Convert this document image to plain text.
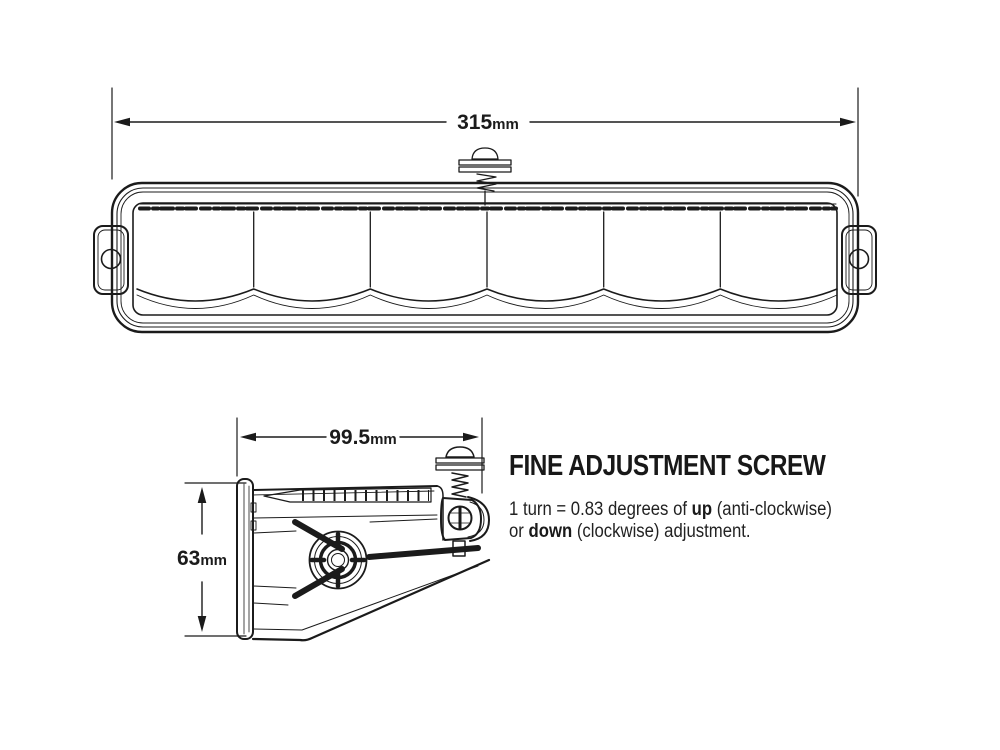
315mm
99.5mm
63mm
FINE ADJUSTMENT SCREW
1 turn = 0.83 degrees of up (anti-clockwise)
or down (clockwise) adjustment.
